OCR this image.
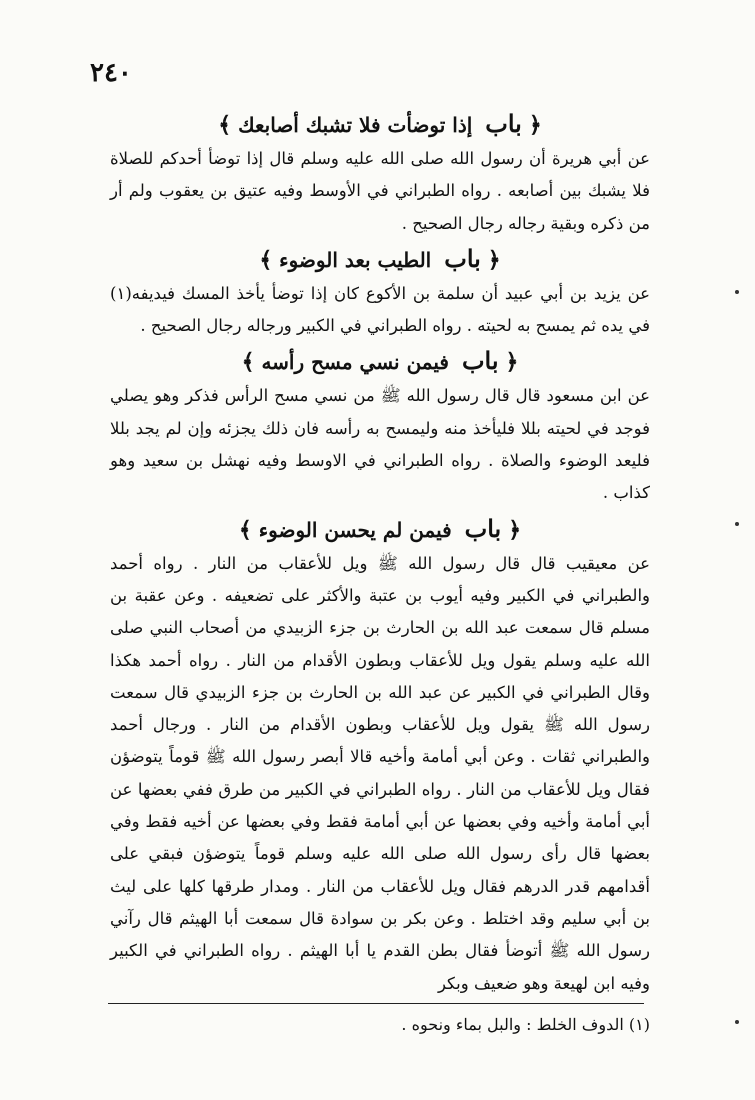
٢٤٠
﴿ باب إذا توضأت فلا تشبك أصابعك ﴾

عن أبي هريرة أن رسول الله صلى الله عليه وسلم قال إذا توضأ أحدكم للصلاة فلا يشبك بين أصابعه . رواه الطبراني في الأوسط وفيه عتيق بن يعقوب ولم أر من ذكره وبقية رجاله رجال الصحيح .

﴿ باب الطيب بعد الوضوء ﴾

عن يزيد بن أبي عبيد أن سلمة بن الأكوع كان إذا توضأ يأخذ المسك فيديفه(١) في يده ثم يمسح به لحيته . رواه الطبراني في الكبير ورجاله رجال الصحيح .

﴿ باب فيمن نسي مسح رأسه ﴾

عن ابن مسعود قال قال رسول الله ﷺ من نسي مسح الرأس فذكر وهو يصلي فوجد في لحيته بللا فليأخذ منه وليمسح به رأسه فان ذلك يجزئه وإن لم يجد بللا فليعد الوضوء والصلاة . رواه الطبراني في الاوسط وفيه نهشل بن سعيد وهو كذاب .

﴿ باب فيمن لم يحسن الوضوء ﴾

عن معيقيب قال قال رسول الله ﷺ ويل للأعقاب من النار . رواه أحمد والطبراني في الكبير وفيه أيوب بن عتبة والأكثر على تضعيفه . وعن عقبة بن مسلم قال سمعت عبد الله بن الحارث بن جزء الزبيدي من أصحاب النبي صلى الله عليه وسلم يقول ويل للأعقاب وبطون الأقدام من النار . رواه أحمد هكذا وقال الطبراني في الكبير عن عبد الله بن الحارث بن جزء الزبيدي قال سمعت رسول الله ﷺ يقول ويل للأعقاب وبطون الأقدام من النار . ورجال أحمد والطبراني ثقات . وعن أبي أمامة وأخيه قالا أبصر رسول الله ﷺ قوماً يتوضؤن فقال ويل للأعقاب من النار . رواه الطبراني في الكبير من طرق ففي بعضها عن أبي أمامة وأخيه وفي بعضها عن أبي أمامة فقط وفي بعضها عن أخيه فقط وفي بعضها قال رأى رسول الله صلى الله عليه وسلم قوماً يتوضؤن فبقي على أقدامهم قدر الدرهم فقال ويل للأعقاب من النار . ومدار طرقها كلها على ليث بن أبي سليم وقد اختلط . وعن بكر بن سوادة قال سمعت أبا الهيثم قال رآني رسول الله ﷺ أتوضأ فقال بطن القدم يا أبا الهيثم . رواه الطبراني في الكبير وفيه ابن لهيعة وهو ضعيف وبكر

(١) الدوف الخلط : والبل بماء ونحوه .
